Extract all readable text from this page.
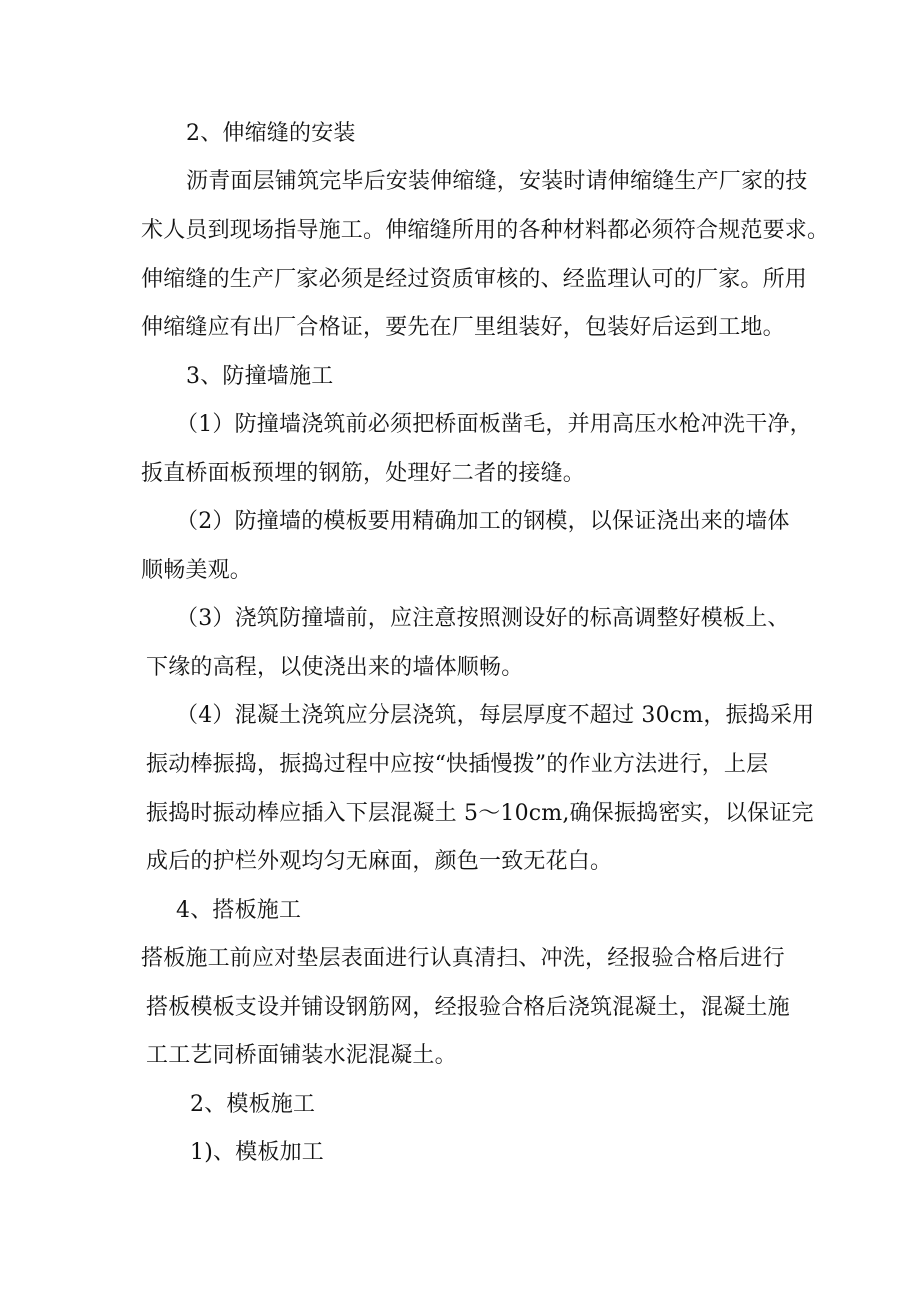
2、伸缩缝的安装
沥青面层铺筑完毕后安装伸缩缝，安装时请伸缩缝生产厂家的技
术人员到现场指导施工。伸缩缝所用的各种材料都必须符合规范要求。
伸缩缝的生产厂家必须是经过资质审核的、经监理认可的厂家。所用
伸缩缝应有出厂合格证，要先在厂里组装好，包装好后运到工地。
3、防撞墙施工
（1）防撞墙浇筑前必须把桥面板凿毛，并用高压水枪冲洗干净，
扳直桥面板预埋的钢筋，处理好二者的接缝。
（2）防撞墙的模板要用精确加工的钢模，以保证浇出来的墙体
顺畅美观。
（3）浇筑防撞墙前，应注意按照测设好的标高调整好模板上、
下缘的高程，以使浇出来的墙体顺畅。
（4）混凝土浇筑应分层浇筑，每层厚度不超过 30cm，振捣采用
振动棒振捣，振捣过程中应按“快插慢拨”的作业方法进行，上层
振捣时振动棒应插入下层混凝土 5～10cm,确保振捣密实，以保证完
成后的护栏外观均匀无麻面，颜色一致无花白。
4、搭板施工
搭板施工前应对垫层表面进行认真清扫、冲洗，经报验合格后进行
搭板模板支设并铺设钢筋网，经报验合格后浇筑混凝土，混凝土施
工工艺同桥面铺装水泥混凝土。
2、模板施工
1)、模板加工
